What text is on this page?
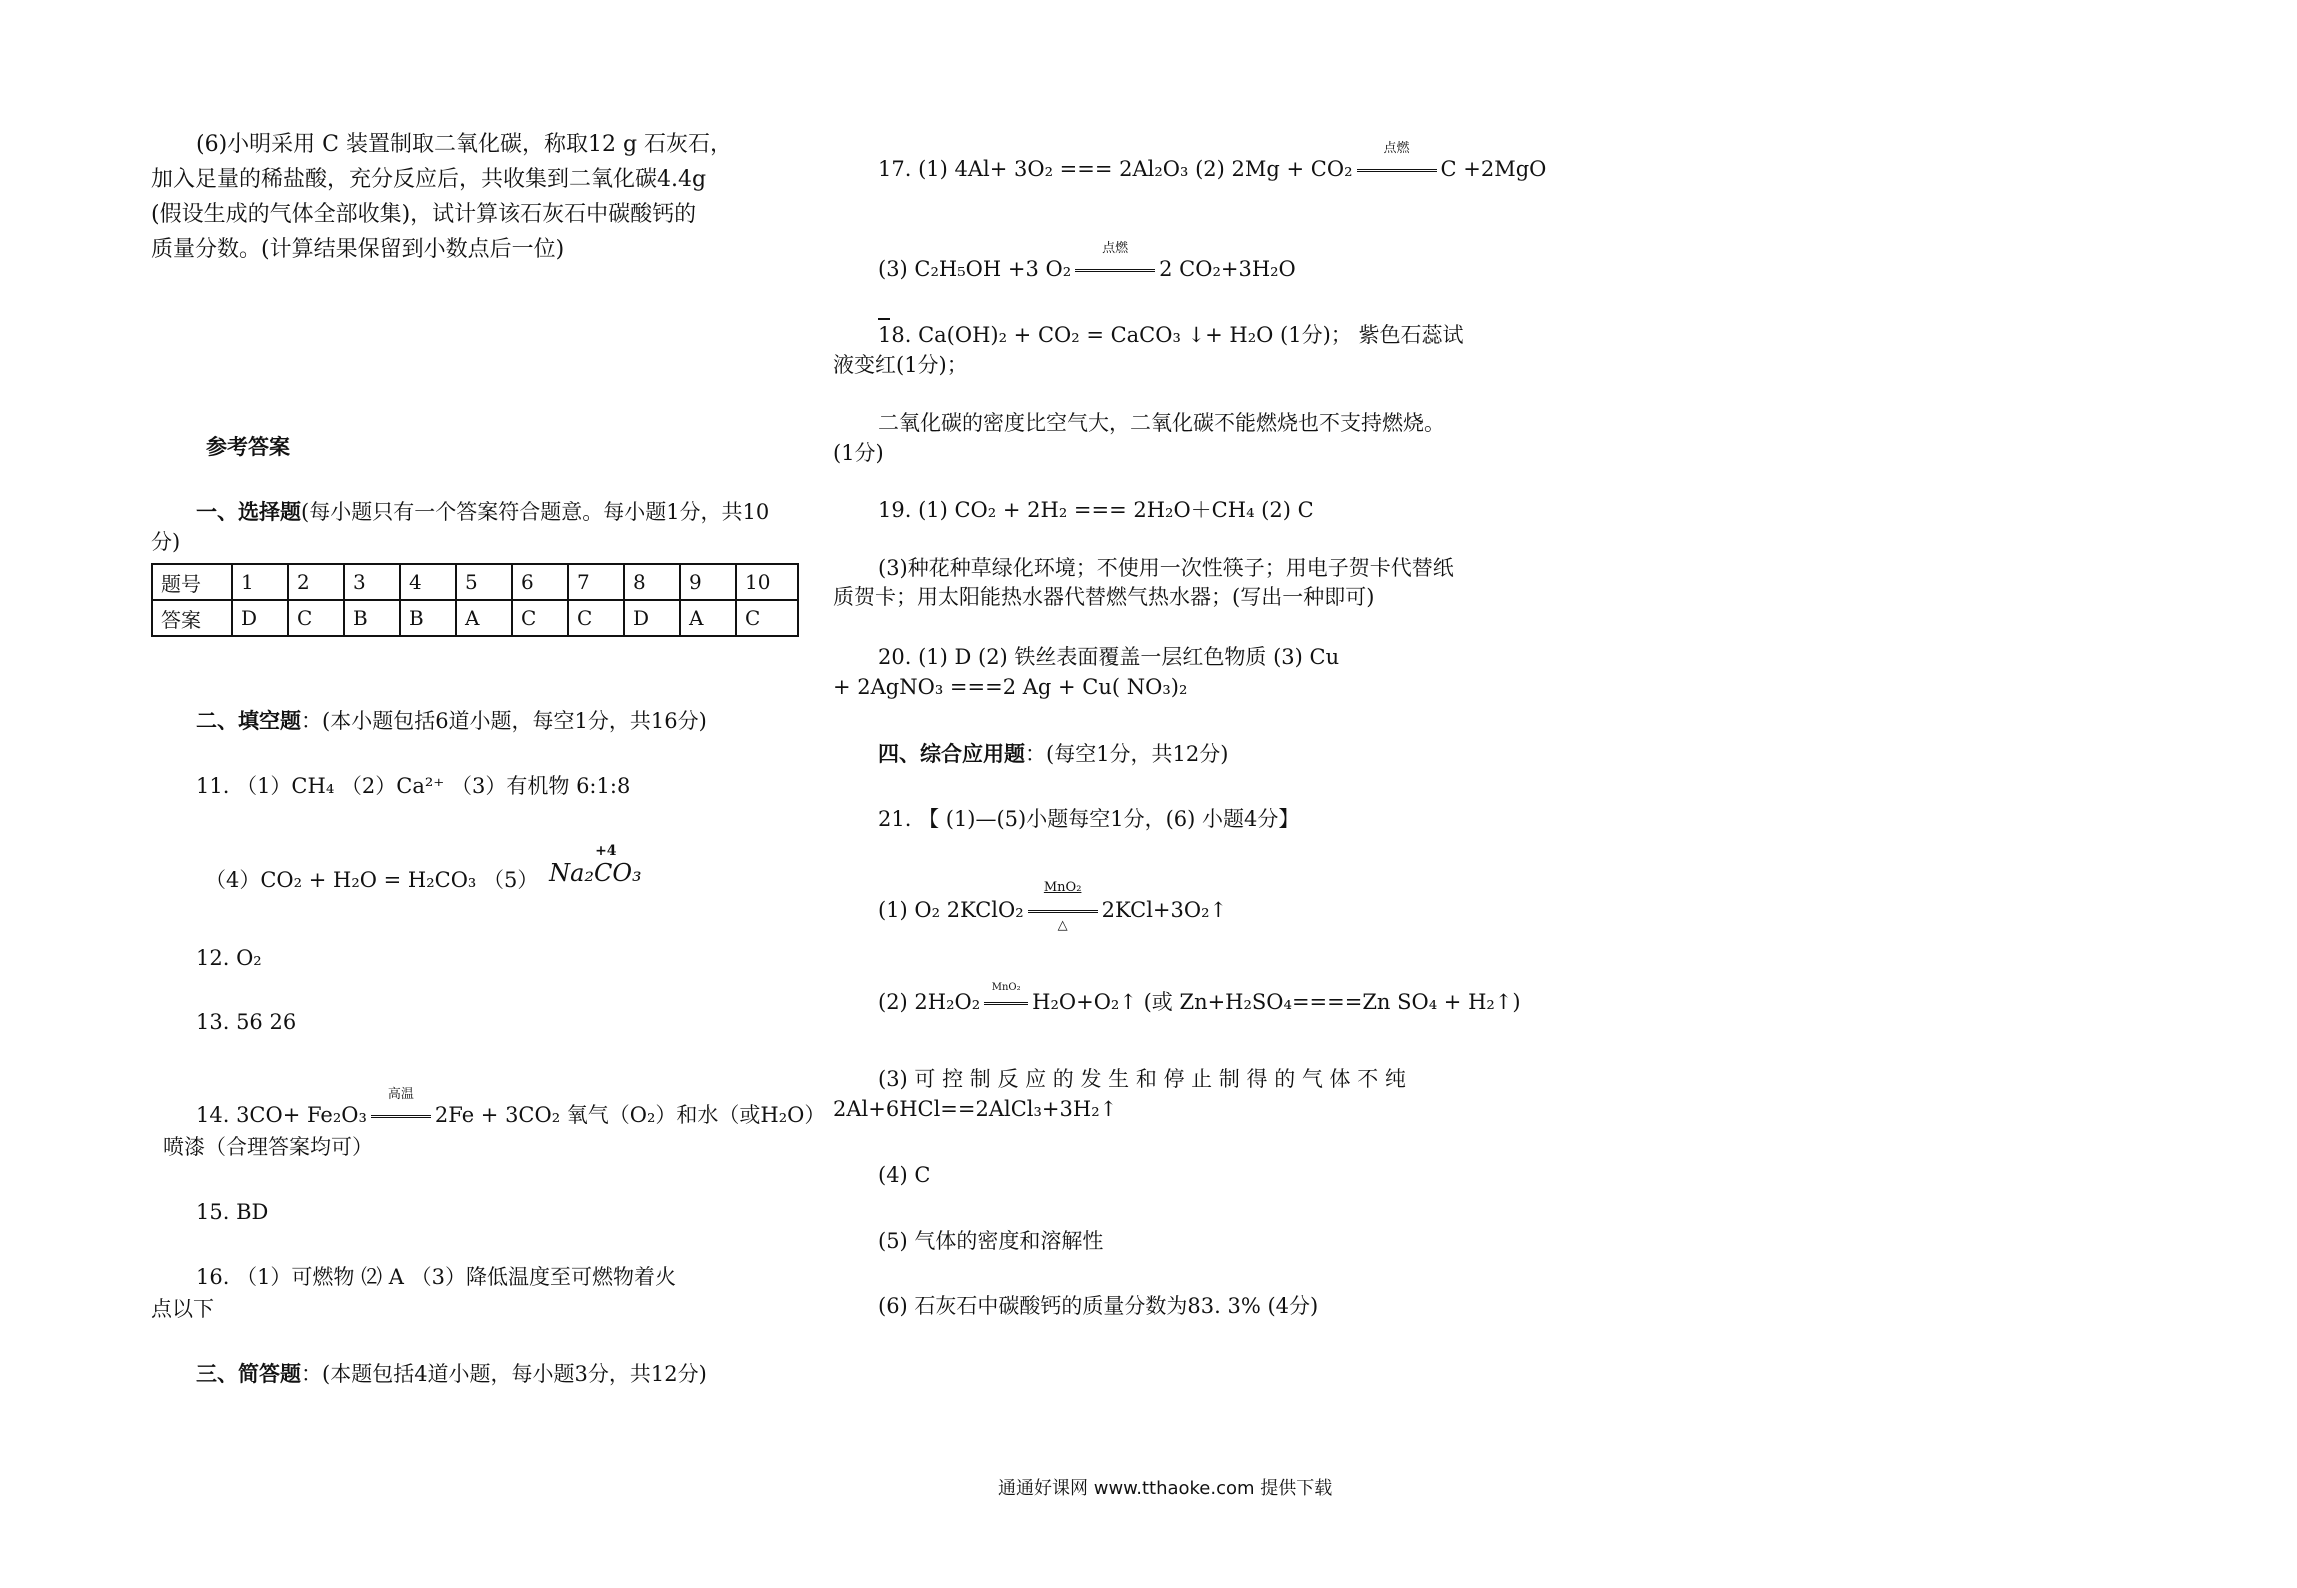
(6)小明采用 C 装置制取二氧化碳，称取12 g 石灰石，
加入足量的稀盐酸，充分反应后，共收集到二氧化碳4.4g
(假设生成的气体全部收集)，试计算该石灰石中碳酸钙的
质量分数。(计算结果保留到小数点后一位)
参考答案
一、选择题(每小题只有一个答案符合题意。每小题1分，共10
分)
题号	1	2	3	4	5	6	7	8	9	10
答案	D	C	B	B	A	C	C	D	A	C
二、填空题：(本小题包括6道小题，每空1分，共16分)
11. （1）CH₄ （2）Ca²⁺ （3）有机物 6:1:8
（4）CO₂ + H₂O = H₂CO₃ （5）
+4
Na₂CO₃
12. O₂
13. 56 26
14. 3CO+ Fe₂O₃
高温
2Fe + 3CO₂ 氧气（O₂）和水（或H₂O）
喷漆（合理答案均可）
15. BD
16. （1）可燃物 ⑵ A （3）降低温度至可燃物着火
点以下
三、简答题：(本题包括4道小题，每小题3分，共12分)
17. (1) 4Al+ 3O₂ === 2Al₂O₃ (2) 2Mg + CO₂
点燃
C +2MgO
(3) C₂H₅OH +3 O₂
点燃
2 CO₂+3H₂O
18. Ca(OH)₂ + CO₂ = CaCO₃ ↓+ H₂O (1分)； 紫色石蕊试
液变红(1分)；
二氧化碳的密度比空气大，二氧化碳不能燃烧也不支持燃烧。
(1分)
19. (1) CO₂ + 2H₂ === 2H₂O＋CH₄ (2) C
(3)种花种草绿化环境；不使用一次性筷子；用电子贺卡代替纸
质贺卡；用太阳能热水器代替燃气热水器；(写出一种即可)
20. (1) D (2) 铁丝表面覆盖一层红色物质 (3) Cu
+ 2AgNO₃ ===2 Ag + Cu( NO₃)₂
四、综合应用题：(每空1分，共12分)
21. 【 (1)—(5)小题每空1分，(6) 小题4分】
(1) O₂ 2KClO₂
MnO₂
△
2KCl+3O₂↑
(2) 2H₂O₂
MnO₂
H₂O+O₂↑ (或 Zn+H₂SO₄====Zn SO₄ + H₂↑)
(3) 可 控 制 反 应 的 发 生 和 停 止 制 得 的 气 体 不 纯
2Al+6HCl==2AlCl₃+3H₂↑
(4) C
(5) 气体的密度和溶解性
(6) 石灰石中碳酸钙的质量分数为83. 3% (4分)
通通好课网 www.tthaoke.com 提供下载
